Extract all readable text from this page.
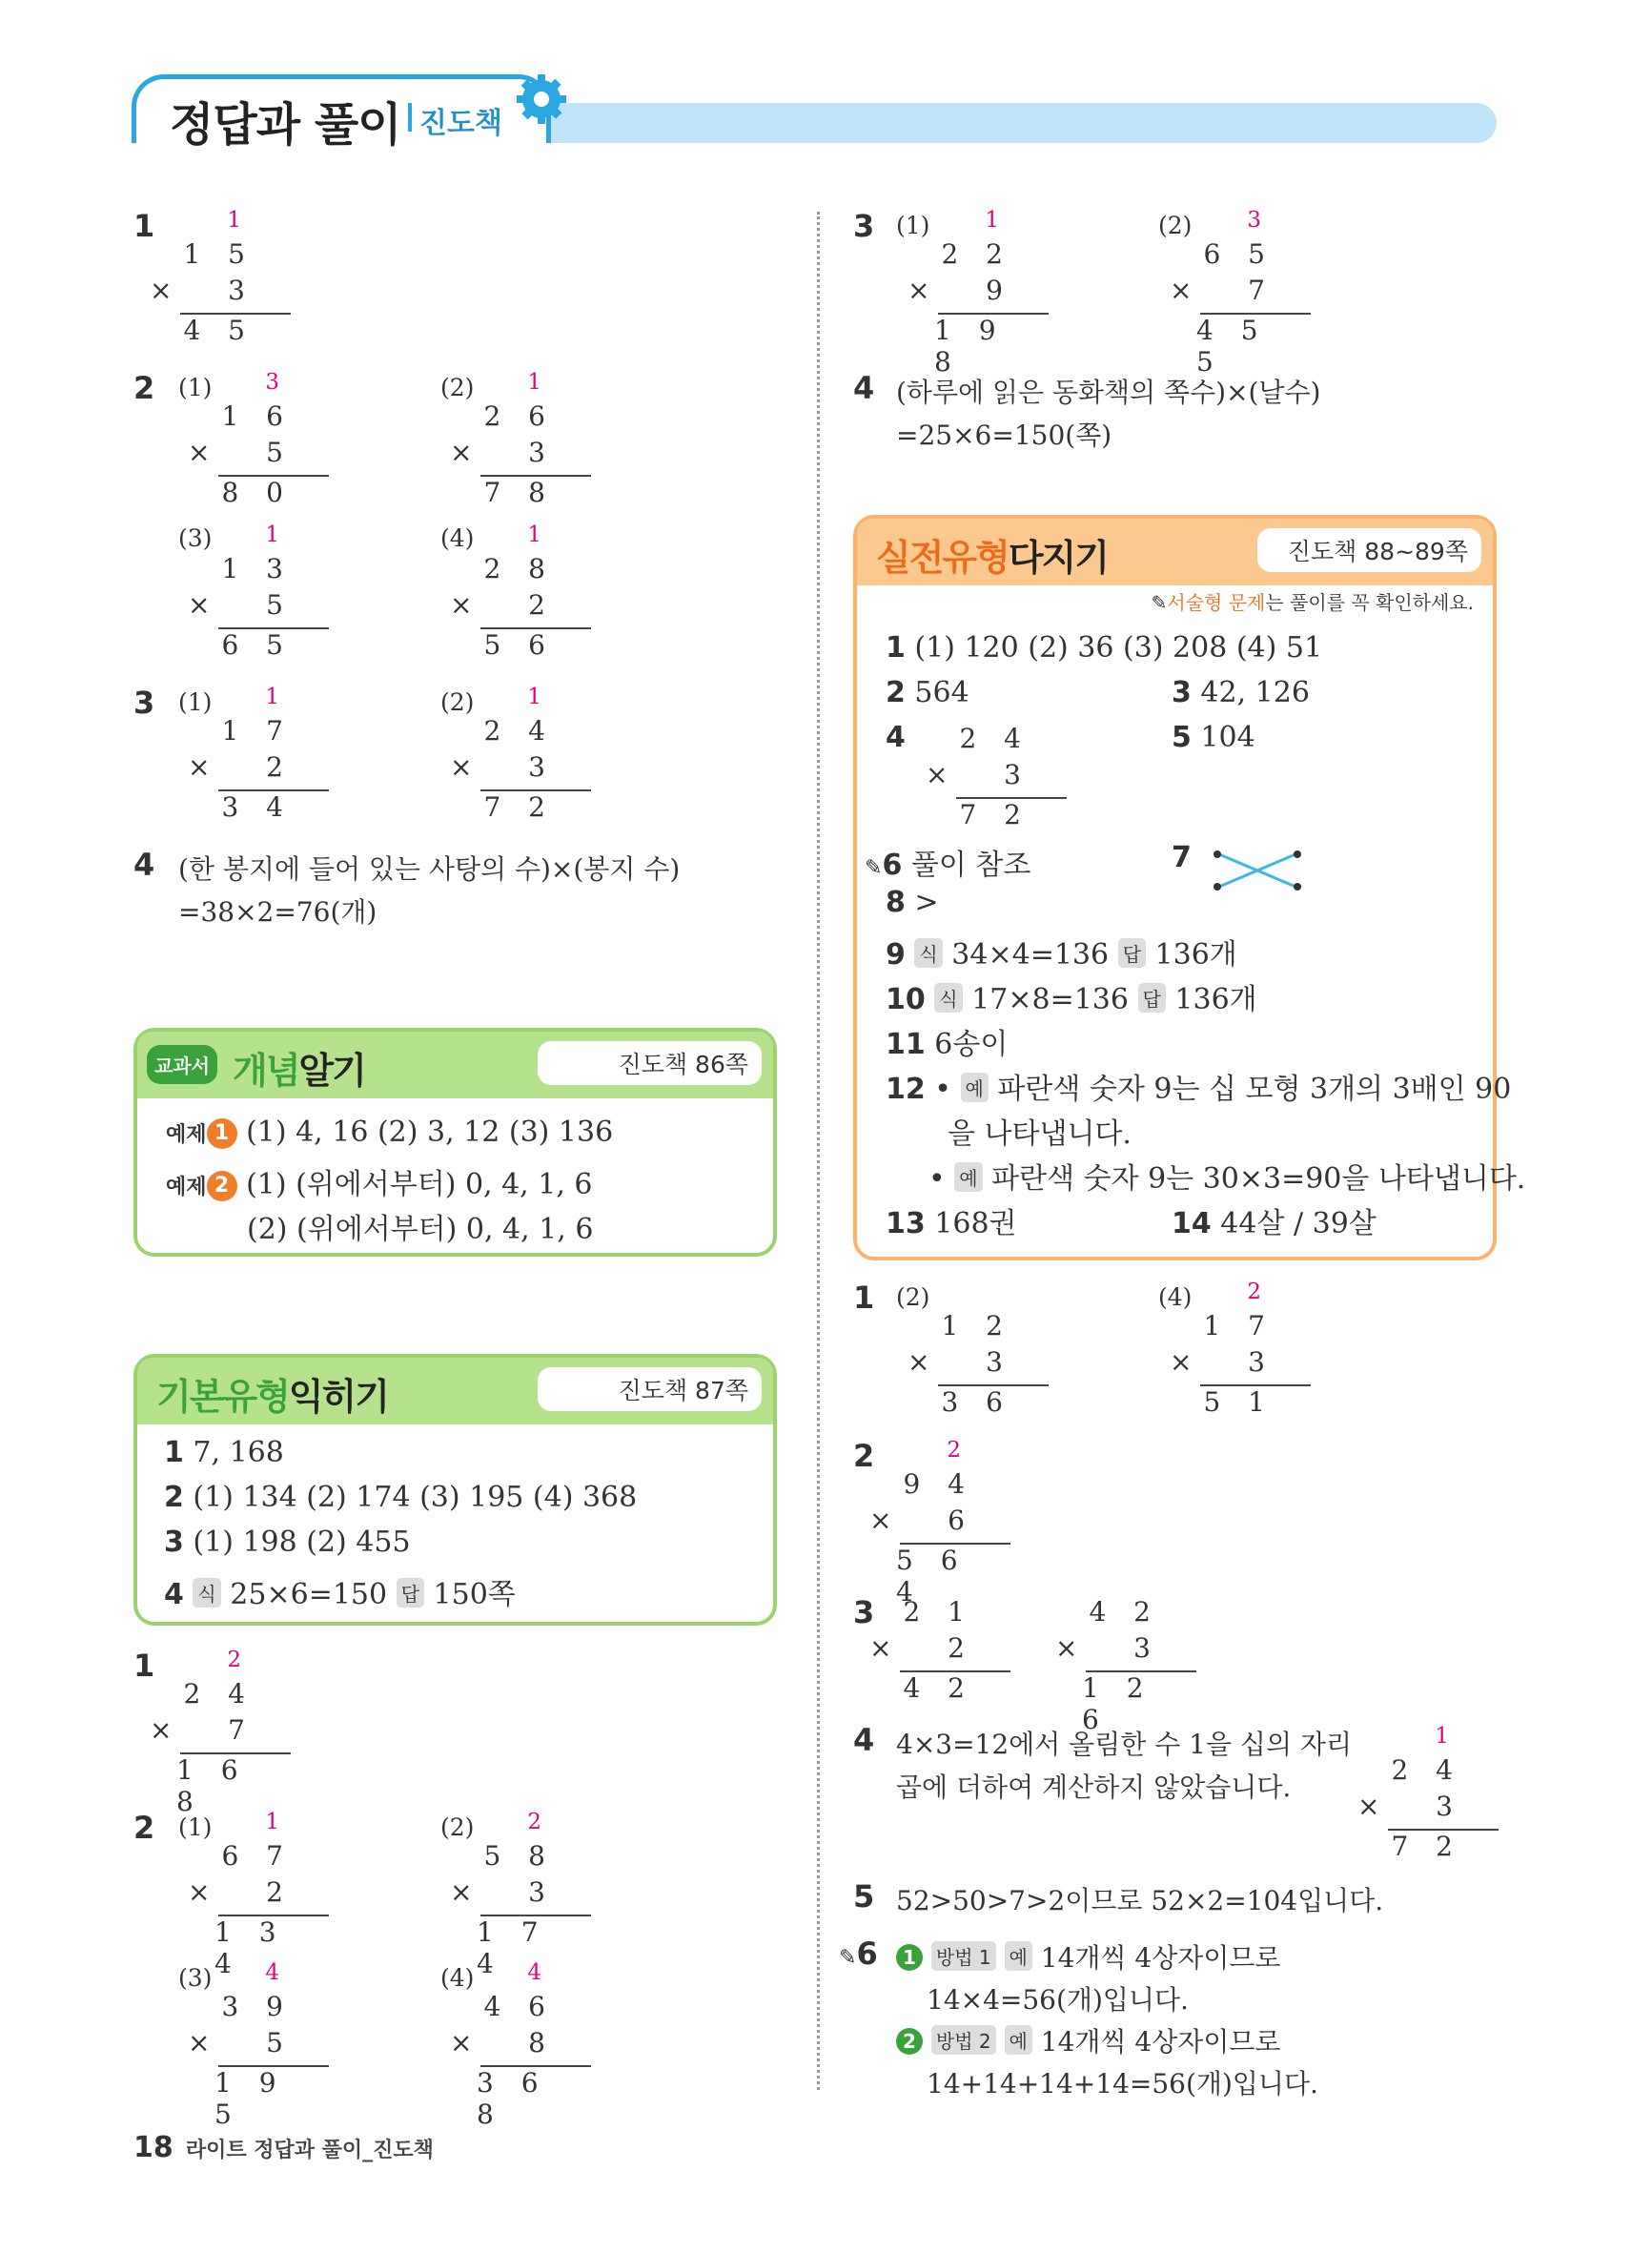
정답과 풀이 진도책
1	1
1 5
× 3
4 5
2 (1) 3
1 6
× 5
8 0
(2) 1
2 6
× 3
7 8
(3) 1
1 3
× 5
6 5
(4) 1
2 8
× 2
5 6
3 (1) 1
1 7
× 2
3 4
(2) 1
2 4
× 3
7 2
4 (한 봉지에 들어 있는 사탕의 수)×(봉지 수)
=38×2=76(개)
진도책 86쪽
교과서 개념알기
예제 1 (1) 4, 16 (2) 3, 12 (3) 136
예제 2 (1) (위에서부터) 0, 4, 1, 6
(2) (위에서부터) 0, 4, 1, 6
진도책 87쪽
기본유형익히기
1 7, 168
2 (1) 134 (2) 174 (3) 195 (4) 368
3 (1) 198 (2) 455
4 식 25×6=150 답 150쪽
1	2
2 4
× 7
1 6 8
2 (1) 1
6 7
× 2
1 3 4
(2) 2
5 8
× 3
1 7 4
(3) 4
3 9
× 5
1 9 5
(4) 4
4 6
× 8
3 6 8
3 (1)	1
2 2
× 9
1 9 8
(2)	3
6 5
× 7
4 5 5
4 (하루에 읽은 동화책의 쪽수)×(날수)
=25×6=150(쪽)
진도책 88~89쪽
실전유형다지기
✎서술형 문제는 풀이를 꼭 확인하세요.
1 (1) 120 (2) 36 (3) 208 (4) 51
2 564	3 42, 126
4 2 4
× 3
7 2
5 104
✎6 풀이 참조	7
8 >
9 식 34×4=136 답 136개
10 식 17×8=136 답 136개
11 6송이
12 • 예 파란색 숫자 9는 십 모형 3개의 3배인 90
을 나타냅니다.
• 예 파란색 숫자 9는 30×3=90을 나타냅니다.
13 168권	14 44살 / 39살
1 (2)
1 2
× 3
3 6
(4)	2
1 7
× 3
5 1
2	2
9 4
× 6
5 6 4
3 2 1
× 2
4 2
4 2
× 3
1 2 6
4 4×3=12에서 올림한 수 1을 십의 자리
곱에 더하여 계산하지 않았습니다.
1
2 4
× 3
7 2
5 52>50>7>2이므로 52×2=104입니다.
✎6	1 방법 1 예 14개씩 4상자이므로
14×4=56(개)입니다.
2 방법 2 예 14개씩 4상자이므로
14+14+14+14=56(개)입니다.
18 라이트 정답과 풀이_진도책
